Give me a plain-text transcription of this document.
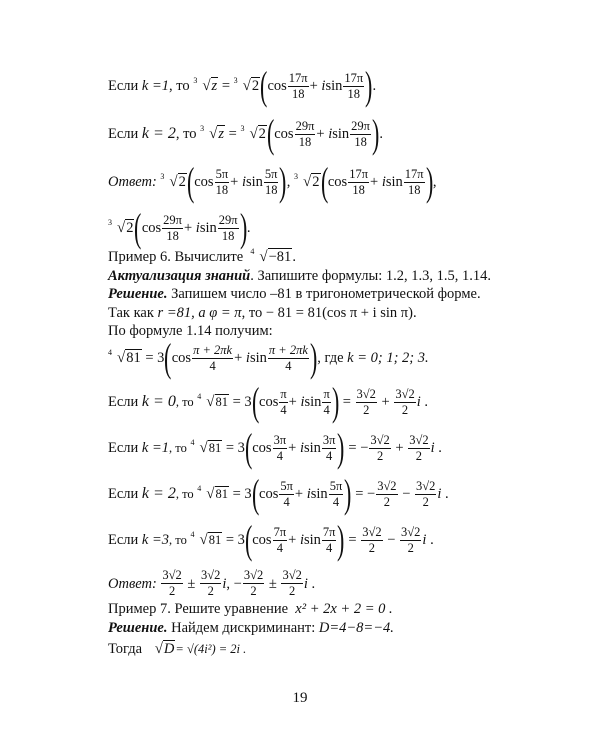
Если
k =1 , то
3 √z = 3 √2 ( $\cos \frac{17\pi}{18} + i$ $\sin \frac{17\pi}{18}$ ) .
Если
k = 2 , то
3 √z = 3 √2 ( $\cos \frac{29\pi}{18} + i$ $\sin \frac{29\pi}{18}$ ) .
Ответ:
3 √2 ( $\cos \frac{5\pi}{18} + i$ $\sin \frac{5\pi}{18}$ ) , 3 √2 ( $\cos \frac{17\pi}{18} + i$ $\sin \frac{17\pi}{18}$ ) ,
3 √2 ( $\cos \frac{29\pi}{18} + i$ $\sin \frac{29\pi}{18}$ ) .
Пример 6. Вычислите 4 √−81.
Актуализация знаний. Запишите формулы: 1.2, 1.3, 1.5, 1.14.
Решение. Запишем число –81 в тригонометрической форме.
Так как r =81, а φ = π, то − 81 = 81(cos π + i sin π).
По формуле 1.14 получим:
4 √81 = 3 ( $\cos \frac{\pi + 2\pi k}{4} + i$ $\sin \frac{\pi + 2\pi k}{4}$ ) , где
k = 0; 1; 2; 3.
Если
k = 0 , то
4 √81 = 3 ( $\cos \frac{\pi}{4} + i$ $\sin \frac{\pi}{4}$ ) = $\frac{3√2}{2} + \frac{3√2}{2}$ i .
Если
k =1 , то
4 √81 = 3 ( $\cos \frac{3\pi}{4} + i$ $\sin \frac{3\pi}{4}$ ) = − $\frac{3√2}{2} + \frac{3√2}{2}$ i .
Если
k = 2 , то
4 √81 = 3 ( $\cos \frac{5\pi}{4} + i$ $\sin \frac{5\pi}{4}$ ) = − $\frac{3√2}{2} - \frac{3√2}{2}$ i .
Если
k =3 , то
4 √81 = 3 ( $\cos \frac{7\pi}{4} + i$ $\sin \frac{7\pi}{4}$ ) = $\frac{3√2}{2} - \frac{3√2}{2}$ i .
Ответ:
$\frac{3√2}{2} \pm \frac{3√2}{2}$ i , − $\frac{3√2}{2} \pm \frac{3√2}{2}$ i .
Пример 7. Решите уравнение x² + 2x + 2 = 0 .
Решение. Найдем дискриминант: D=4−8=−4.
Тогда √D= √(4i²) = 2i .
19
